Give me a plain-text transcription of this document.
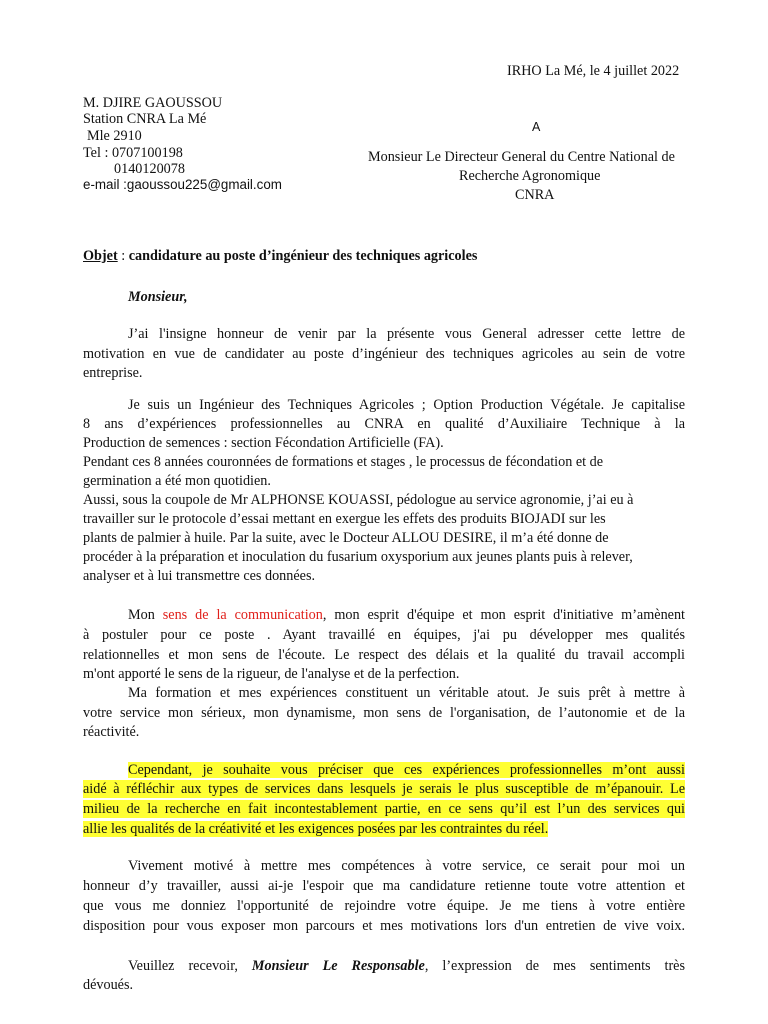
IRHO La Mé, le 4 juillet 2022
M. DJIRE GAOUSSOU
Station CNRA La Mé
Mle 2910
Tel : 0707100198
0140120078
e-mail :gaoussou225@gmail.com
A
Monsieur Le Directeur General du Centre National de
Recherche Agronomique
CNRA
Objet : candidature au poste d’ingénieur des techniques agricoles
Monsieur,
J’ai l'insigne honneur de venir par la présente vous General adresser cette lettre de
motivation en vue de candidater au poste d’ingénieur des techniques agricoles au sein de votre
entreprise.
Je suis un Ingénieur des Techniques Agricoles ; Option Production Végétale. Je capitalise
8 ans d’expériences professionnelles au CNRA en qualité d’Auxiliaire Technique à la
Production de semences : section Fécondation Artificielle (FA).
Pendant ces 8 années couronnées de formations et stages , le processus de fécondation et de
germination a été mon quotidien.
Aussi, sous la coupole de Mr ALPHONSE KOUASSI, pédologue au service agronomie, j’ai eu à
travailler sur le protocole d’essai mettant en exergue les effets des produits BIOJADI sur les
plants de palmier à huile. Par la suite, avec le Docteur ALLOU DESIRE, il m’a été donne de
procéder à la préparation et inoculation du fusarium oxysporium aux jeunes plants puis à relever,
analyser et à lui transmettre ces données.
Mon sens de la communication, mon esprit d'équipe et mon esprit d'initiative m’amènent
à postuler pour ce poste . Ayant travaillé en équipes, j'ai pu développer mes qualités
relationnelles et mon sens de l'écoute. Le respect des délais et la qualité du travail accompli
m'ont apporté le sens de la rigueur, de l'analyse et de la perfection.
Ma formation et mes expériences constituent un véritable atout. Je suis prêt à mettre à
votre service mon sérieux, mon dynamisme, mon sens de l'organisation, de l’autonomie et de la
réactivité.
Cependant, je souhaite vous préciser que ces expériences professionnelles m’ont aussi
aidé à réfléchir aux types de services dans lesquels je serais le plus susceptible de m’épanouir. Le
milieu de la recherche en fait incontestablement partie, en ce sens qu’il est l’un des services qui
allie les qualités de la créativité et les exigences posées par les contraintes du réel.
Vivement motivé à mettre mes compétences à votre service, ce serait pour moi un
honneur d’y travailler, aussi ai-je l'espoir que ma candidature retienne toute votre attention et
que vous me donniez l'opportunité de rejoindre votre équipe. Je me tiens à votre entière
disposition pour vous exposer mon parcours et mes motivations lors d'un entretien de vive voix.
Veuillez recevoir, Monsieur Le Responsable, l’expression de mes sentiments très
dévoués.
